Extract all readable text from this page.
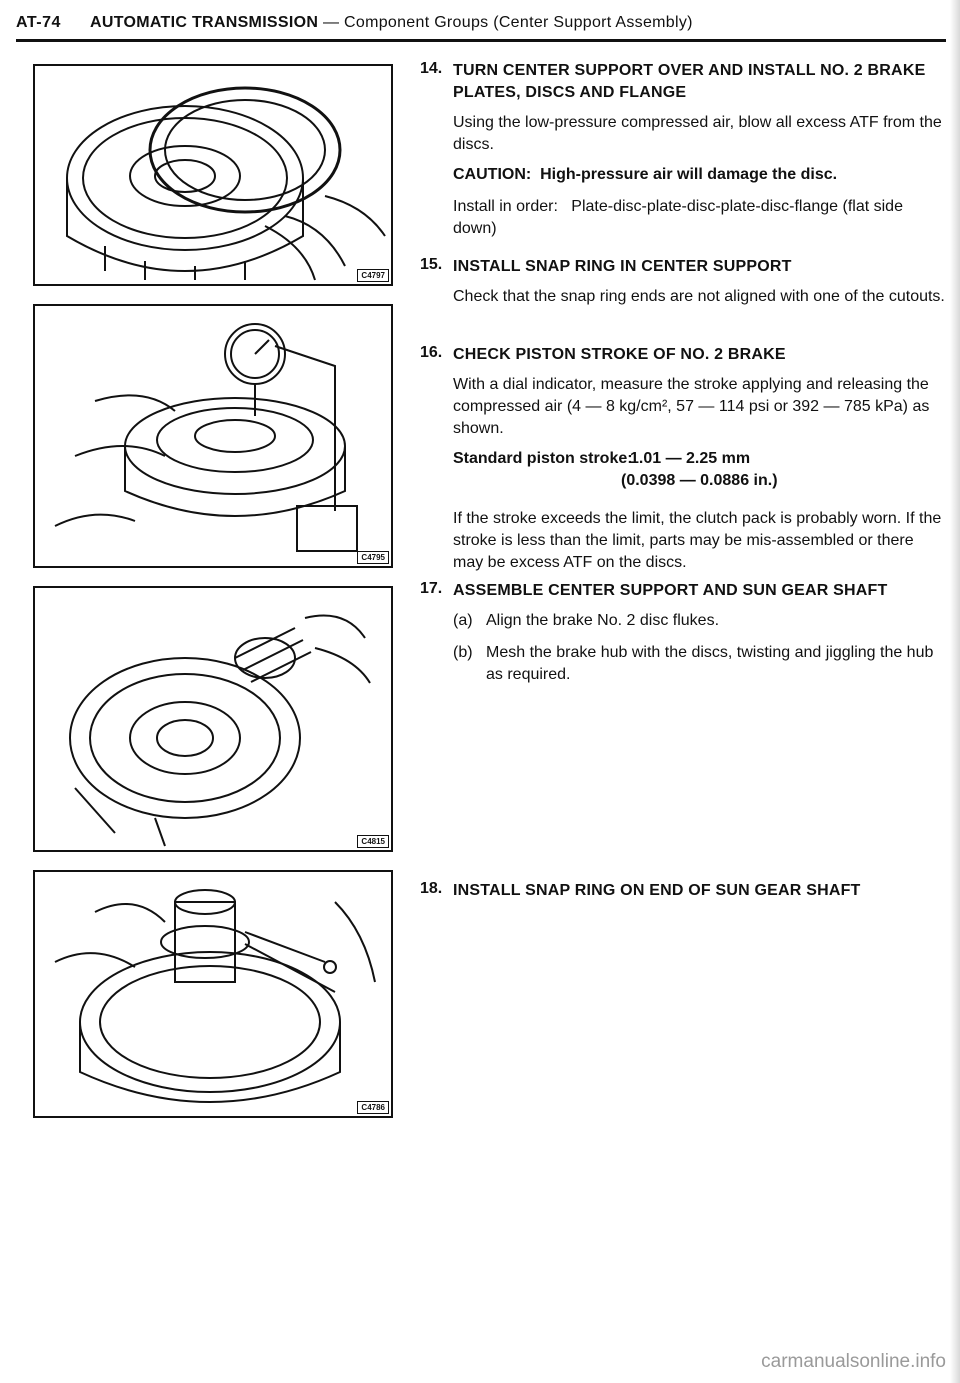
AT-74 AUTOMATIC TRANSMISSION — Component Groups (Center Support Assembly)
C4797
C4795
C4815
C4786
14. TURN CENTER SUPPORT OVER AND INSTALL NO. 2 BRAKE PLATES, DISCS AND FLANGE
Using the low-pressure compressed air, blow all excess ATF from the discs.
CAUTION: High-pressure air will damage the disc.
Install in order: Plate-disc-plate-disc-plate-disc-flange (flat side down)
15. INSTALL SNAP RING IN CENTER SUPPORT
Check that the snap ring ends are not aligned with one of the cutouts.
16. CHECK PISTON STROKE OF NO. 2 BRAKE
With a dial indicator, measure the stroke applying and releasing the compressed air (4 — 8 kg/cm², 57 — 114 psi or 392 — 785 kPa) as shown.
Standard piston stroke:
1.01 — 2.25 mm
(0.0398 — 0.0886 in.)
If the stroke exceeds the limit, the clutch pack is probably worn. If the stroke is less than the limit, parts may be mis-assembled or there may be excess ATF on the discs.
17. ASSEMBLE CENTER SUPPORT AND SUN GEAR SHAFT
(a) Align the brake No. 2 disc flukes.
(b) Mesh the brake hub with the discs, twisting and jiggling the hub as required.
18. INSTALL SNAP RING ON END OF SUN GEAR SHAFT
carmanualsonline.info
